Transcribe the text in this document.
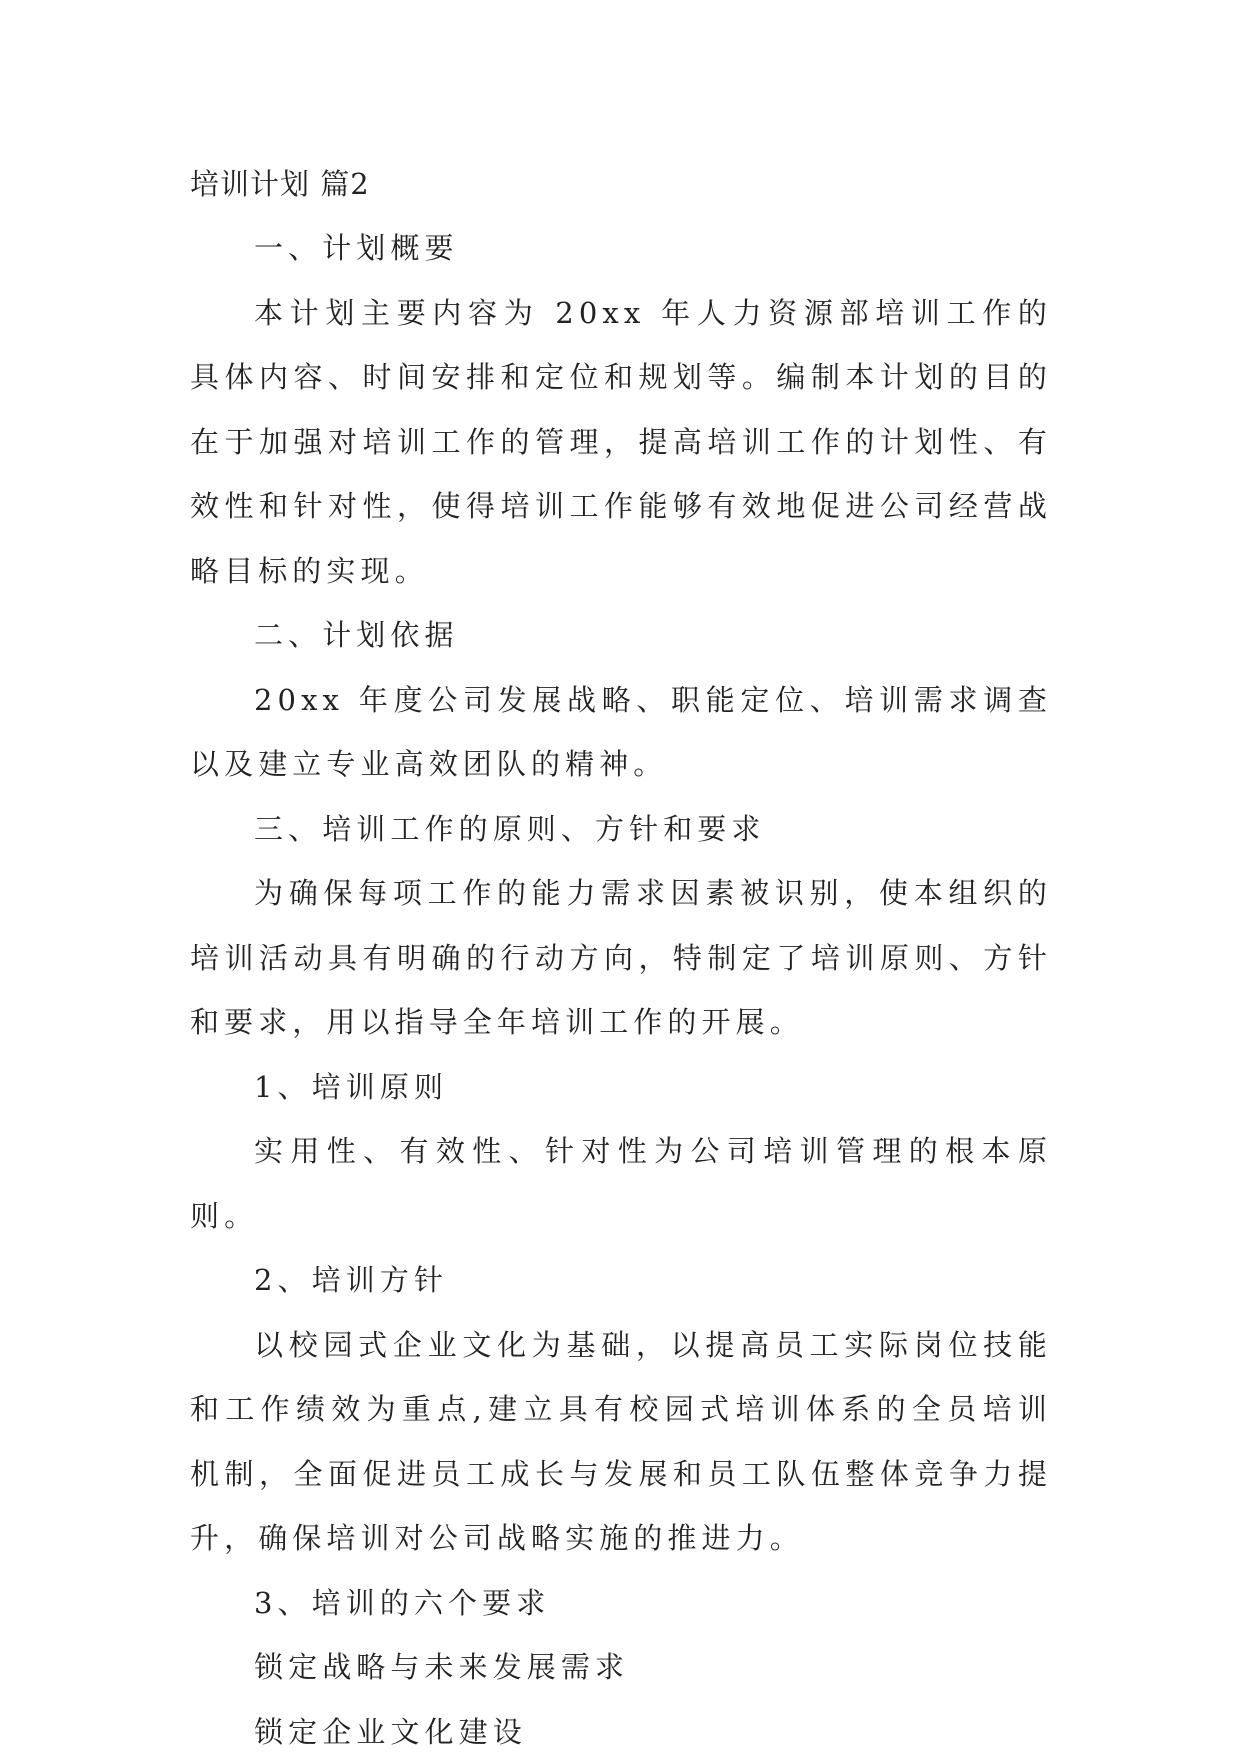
培训计划 篇2

一、计划概要

本计划主要内容为 20xx 年人力资源部培训工作的具体内容、时间安排和定位和规划等。编制本计划的目的在于加强对培训工作的管理，提高培训工作的计划性、有效性和针对性，使得培训工作能够有效地促进公司经营战略目标的实现。

二、计划依据

20xx 年度公司发展战略、职能定位、培训需求调查以及建立专业高效团队的精神。

三、培训工作的原则、方针和要求

为确保每项工作的能力需求因素被识别，使本组织的培训活动具有明确的行动方向，特制定了培训原则、方针和要求，用以指导全年培训工作的开展。

1、培训原则

实用性、有效性、针对性为公司培训管理的根本原则。

2、培训方针

以校园式企业文化为基础，以提高员工实际岗位技能和工作绩效为重点,建立具有校园式培训体系的全员培训机制，全面促进员工成长与发展和员工队伍整体竞争力提升，确保培训对公司战略实施的推进力。

3、培训的六个要求

锁定战略与未来发展需求

锁定企业文化建设
